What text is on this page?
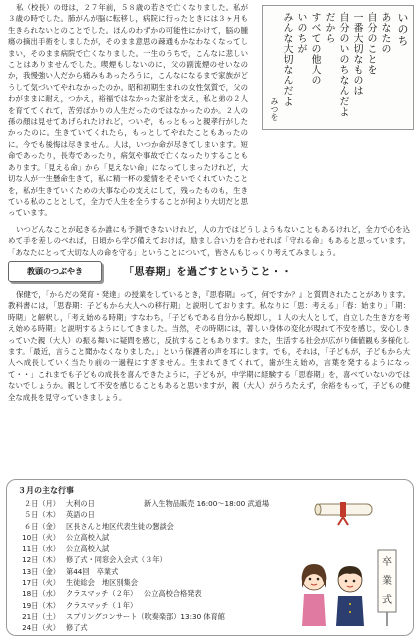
私（校長）の母は，２７年前，５８歳の若さで亡くなりました。私が３歳の時でした。肺がんが脳に転移し，病院に行ったときには３ヶ月も生きられないとのことでした。ほんのわずかの可能性にかけて，脳の腫瘍の摘出手術をしましたが，そのまま意思の疎通もかなわなくなってしまい，そのまま病院で亡くなりました。一生のうちで，こんなに悲しいことはありませんでした。喫煙もしないのに，父の副流煙のせいなのか，我慢強い人だから痛みもあったろうに，こんなになるまで家族がどうして気づいてやれなかったのか。昭和初期生まれの女性気質で，父のわがままに耐え，つかえ，裕福ではなかった家計を支え，私と弟の２人を育ててくれて，苦労ばかりの人生だったのではなかったのか。２人の孫の顔は見せてあげられたけれど，ついぞ，もっともっと親孝行がしたかったのに。生きていてくれたら，もっとしてやれたこともあったのに。今でも後悔は尽きません。人は，いつか命が尽きてしまいます。短命であったり，長寿であったり，病気や事故で亡くなったりすることもあります。「見える命」から「見えない命」になってしまったけれど，大切な人が一生懸命生きて，私に精一杯の愛情をそそいでくれていたことを，私が生きていくための大事な心の支えにして，残ったものも，生きている私のこととして，全力で人生を全うすることが何より大切だと思っています。

いつどんなことが起きるか誰にも予測できないけれど，人の力ではどうしようもないこともあるけれど，全力で心を込めて手を差しのべれば，日頃から学び備えておけば，励まし合い力を合わせれば「守れる命」もあると思っています。「あなたにとって大切な人の命を守る」ということについて，皆さんもじっくり考えてみましょう。

いのち
あなたの
自分のことを
一番大切なものは
自分のいのちなんだよ
だから
すべての他人の
いのちが
みんな大切なんだよ
みつを
教頭のつぶやき	「思春期」を過ごすということ・・

保健で，「からだの発育・発達」の授業をしているとき，『思春期』って，何ですか？』と質問されたことがあります。教科書には，「思春期：子どもから大人への移行期」と説明しております。私なりに「思：考える」「春：始まり」「期：時期」と解釈し，「考え始める時期」すなわち，「子どもである自分から脱却し，１人の大人として，自立した生き方を考え始める時期」と説明するようにしてきました。当然，その時期には，著しい身体の変化が現れて不安を感じ，安心しきっていた親（大人）の振る舞いに疑問を感じ，反抗することもあります。また，生活する社会が広がり価値観も多様化します。「最近，言うこと聞かなくなりました。」という保護者の声を耳にします。でも，それは，「子どもが，子どもから大人へ成長していく当たり前の一過程にすぎません。生まれてきてくれて，歯が生え始め，言葉を発するようになって・・」これまでも子どもの成長を喜んできたように，子どもが，中学期に経験する「思春期」を，喜べていないのではないでしょうか。親として不安を感じることもあると思いますが，親（大人）がうろたえず，余裕をもって，子どもの健全な成長を見守っていきましょう。

３月の主な行事
２日（月） 大利の日	新入生物品販売 16:00～18:00 武道場
５日（木） 英語の日
６日（金） 区長さんと地区代表生徒の懇談会
10日（火） 公立高校入試
11日（水） 公立高校入試
12日（木） 修了式・同窓会入会式（３年）
13日（金） 第44回　卒業式
17日（火） 生徒総会　地区別集会
18日（水） クラスマッチ（２年） 公立高校合格発表
19日（木） クラスマッチ（１年）
21日（土） スプリングコンサート（吹奏楽部）13:30 体育館
24日（火） 修了式
卒
業
式
